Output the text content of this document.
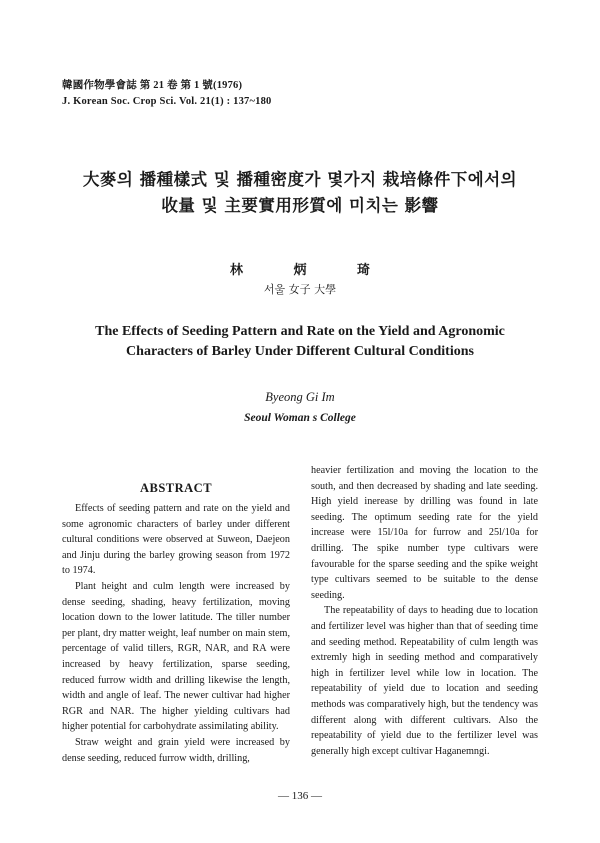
韓國作物學會誌 第 21 卷 第 1 號(1976)
J. Korean Soc. Crop Sci. Vol. 21(1) : 137~180
大麥의 播種樣式 및 播種密度가 몇가지 栽培條件下에서의
收量 및 主要實用形質에 미치는 影響
林	炳	琦
서울 女子 大學
The Effects of Seeding Pattern and Rate on the Yield and Agronomic
Characters of Barley Under Different Cultural Conditions
Byeong Gi Im
Seoul Woman s College
ABSTRACT

Effects of seeding pattern and rate on the yield and some agronomic characters of barley under different cultural conditions were observed at Suweon, Daejeon and Jinju during the barley growing season from 1972 to 1974.

Plant height and culm length were increased by dense seeding, shading, heavy fertilization, moving location down to the lower latitude. The tiller number per plant, dry matter weight, leaf number on main stem, percentage of valid tillers, RGR, NAR, and RA were increased by heavy fertilization, sparse seeding, reduced furrow width and drilling likewise the length, width and angle of leaf. The newer cultivar had higher RGR and NAR. The higher yielding cultivars had higher potential for carbohydrate assimilating ability.

Straw weight and grain yield were increased by dense seeding, reduced furrow width, drilling,

heavier fertilization and moving the location to the south, and then decreased by shading and late seeding. High yield inerease by drilling was found in late seeding. The optimum seeding rate for the yield increase were 15l/10a for furrow and 25l/10a for drilling. The spike number type cultivars were favourable for the sparse seeding and the spike weight type cultivars seemed to be suitable to the dense seeding.

The repeatability of days to heading due to location and fertilizer level was higher than that of seeding time and seeding method. Repeatability of culm length was extremly high in seeding method and comparatively high in fertilizer level while low in location. The repeatability of yield due to location and seeding methods was comparatively high, but the tendency was different along with different cultivars. Also the repeatability of yield due to the fertilizer level was generally high except cultivar Haganemngi.

— 136 —
